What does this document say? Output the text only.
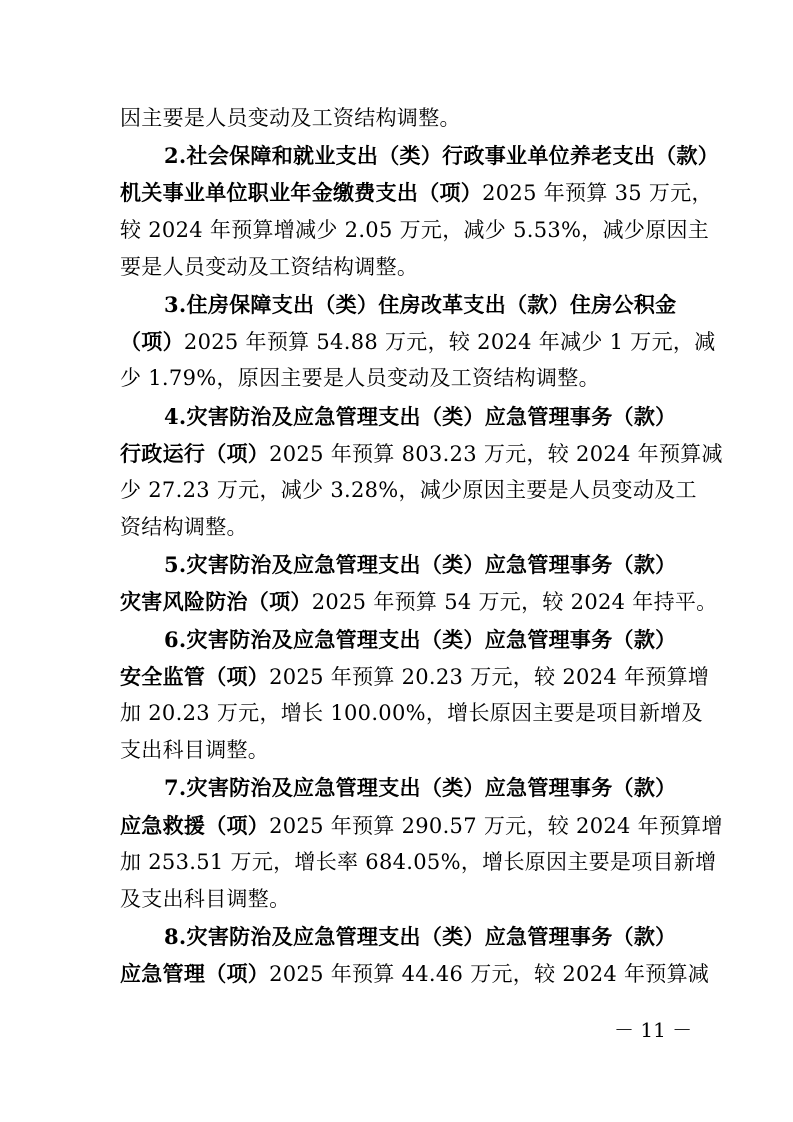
因主要是人员变动及工资结构调整。
2.社会保障和就业支出（类）行政事业单位养老支出（款）
机关事业单位职业年金缴费支出（项）2025 年预算 35 万元，
较 2024 年预算增减少 2.05 万元，减少 5.53%，减少原因主
要是人员变动及工资结构调整。
3.住房保障支出（类）住房改革支出（款）住房公积金
（项）2025 年预算 54.88 万元，较 2024 年减少 1 万元，减
少 1.79%，原因主要是人员变动及工资结构调整。
4.灾害防治及应急管理支出（类）应急管理事务（款）
行政运行（项）2025 年预算 803.23 万元，较 2024 年预算减
少 27.23 万元，减少 3.28%，减少原因主要是人员变动及工
资结构调整。
5.灾害防治及应急管理支出（类）应急管理事务（款）
灾害风险防治（项）2025 年预算 54 万元，较 2024 年持平。
6.灾害防治及应急管理支出（类）应急管理事务（款）
安全监管（项）2025 年预算 20.23 万元，较 2024 年预算增
加 20.23 万元，增长 100.00%，增长原因主要是项目新增及
支出科目调整。
7.灾害防治及应急管理支出（类）应急管理事务（款）
应急救援（项）2025 年预算 290.57 万元，较 2024 年预算增
加 253.51 万元，增长率 684.05%，增长原因主要是项目新增
及支出科目调整。
8.灾害防治及应急管理支出（类）应急管理事务（款）
应急管理（项）2025 年预算 44.46 万元，较 2024 年预算减
－ 11 －
